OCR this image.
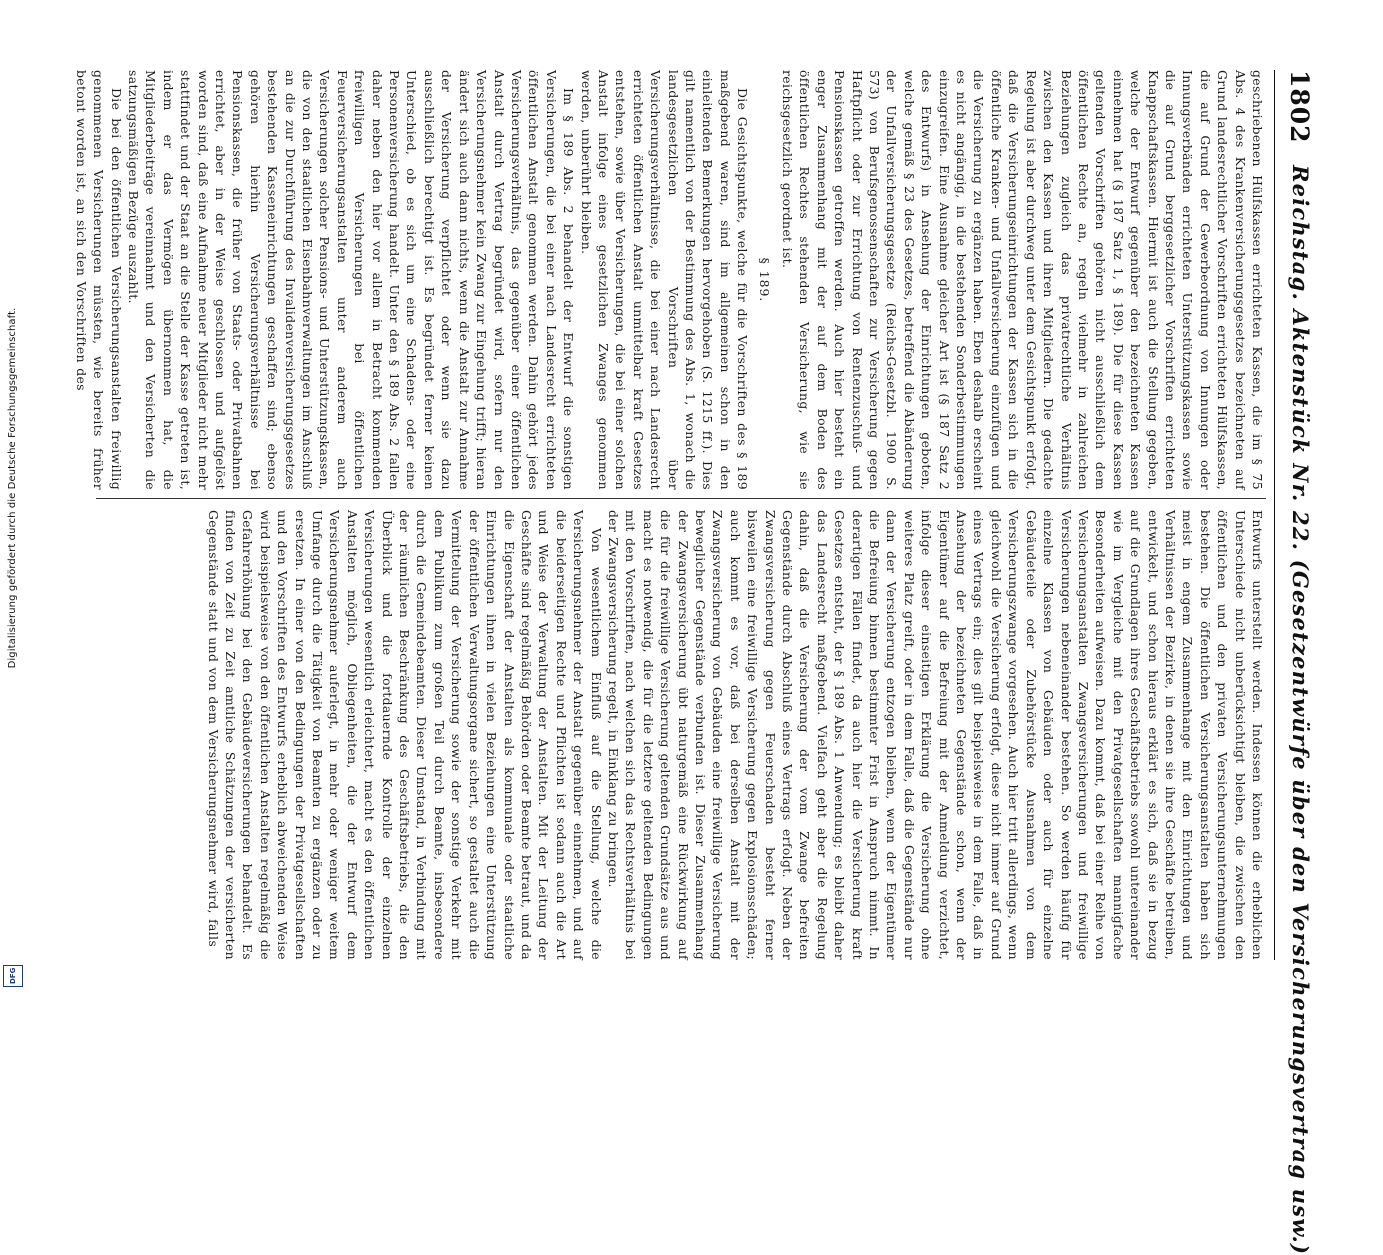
Digitalisierung gefördert durch die Deutsche Forschungsgemeinschaft.
DFG
1802
Reichstag. Aktenstück Nr. 22. (Gesetzentwürfe über den Versicherungsvertrag usw.)

geschriebenen Hülfskassen errichteten Kassen, die im § 75 Abs. 4 des Krankenversicherungsgesetzes bezeichneten auf Grund landesrechtlicher Vorschriften errichteten Hülfskassen, die auf Grund der Gewerbeordnung von Innungen oder Innungsverbänden errichteten Unterstützungskassen sowie die auf Grund berggesetzlicher Vorschriften errichteten Knappschaftskassen. Hiermit ist auch die Stellung gegeben, welche der Entwurf gegenüber den bezeichneten Kassen einnehmen hat (§ 187 Satz 1, § 189). Die für diese Kassen geltenden Vorschriften gehören nicht ausschließlich dem öffentlichen Rechte an, regeln vielmehr in zahlreichen Beziehungen zugleich das privatrechtliche Verhältnis zwischen den Kassen und ihren Mitgliedern. Die gedachte Regelung ist aber durchweg unter dem Gesichtspunkt erfolgt, daß die Versicherungseinrichtungen der Kassen sich in die öffentliche Kranken- und Unfallversicherung einzufügen und die Versicherung zu ergänzen haben. Eben deshalb erscheint es nicht angängig, in die bestehenden Sonderbestimmungen einzugreifen. Eine Ausnahme gleicher Art ist (§ 187 Satz 2 des Entwurfs) in Ansehung der Einrichtungen geboten, welche gemäß § 23 des Gesetzes, betreffend die Abänderung der Unfallversicherungsgesetze (Reichs-Gesetzbl. 1900 S. 573) von Berufsgenossenschaften zur Versicherung gegen Haftpflicht oder zur Errichtung von Rentenzuschuß- und Pensionskassen getroffen werden. Auch hier besteht ein enger Zusammenhang mit der auf dem Boden des öffentlichen Rechtes stehenden Versicherung, wie sie reichsgesetzlich geordnet ist.

§ 189.

Die Gesichtspunkte, welche für die Vorschriften des § 189 maßgebend waren, sind im allgemeinen schon in den einleitenden Bemerkungen hervorgehoben (S. 1215 ff.). Dies gilt namentlich von der Bestimmung des Abs. 1, wonach die landesgesetzlichen Vorschriften über Versicherungsverhältnisse, die bei einer nach Landesrecht errichteten öffentlichen Anstalt unmittelbar kraft Gesetzes entstehen, sowie über Versicherungen, die bei einer solchen Anstalt infolge eines gesetzlichen Zwanges genommen werden, unberührt bleiben.

Im § 189 Abs. 2 behandelt der Entwurf die sonstigen Versicherungen, die bei einer nach Landesrecht errichteten öffentlichen Anstalt genommen werden. Dahin gehört jedes Versicherungsverhältnis, das gegenüber einer öffentlichen Anstalt durch Vertrag begründet wird, sofern nur den Versicherungsnehmer kein Zwang zur Eingehung trifft; hieran ändert sich auch dann nichts, wenn die Anstalt zur Annahme der Versicherung verpflichtet oder wenn sie dazu ausschließlich berechtigt ist. Es begründet ferner keinen Unterschied, ob es sich um eine Schadens- oder eine Personenversicherung handelt. Unter den § 189 Abs. 2 fallen daher neben den hier vor allem in Betracht kommenden freiwilligen Versicherungen bei öffentlichen Feuerversicherungsanstalten unter anderem auch Versicherungen solcher Pensions- und Unterstützungskassen, die von den staatlichen Eisenbahnverwaltungen im Anschluß an die zur Durchführung des Invalidenversicherungsgesetzes bestehenden Kasseneinrichtungen geschaffen sind; ebenso gehören hierhin Versicherungsverhältnisse bei Pensionskassen, die früher von Staats- oder Privatbahnen errichtet, aber in der Weise geschlossen und aufgelöst worden sind, daß eine Aufnahme neuer Mitglieder nicht mehr stattfindet und der Staat an die Stelle der Kasse getreten ist, indem er das Vermögen übernommen hat, die Mitgliederbeiträge vereinnahmt und den Versicherten die satzungsmäßigen Bezüge auszahlt.

Die bei den öffentlichen Versicherungsanstalten freiwillig genommenen Versicherungen müssten, wie bereits früher betont worden ist, an sich den Vorschriften des

Entwurfs unterstellt werden. Indessen können die erheblichen Unterschiede nicht unberücksichtigt bleiben, die zwischen den öffentlichen und den privaten Versicherungsunternehmungen bestehen. Die öffentlichen Versicherungsanstalten haben sich meist in engem Zusammenhange mit den Einrichtungen und Verhältnissen der Bezirke, in denen sie ihre Geschäfte betreiben, entwickelt, und schon hieraus erklärt es sich, daß sie in bezug auf die Grundlagen ihres Geschäftsbetriebs sowohl untereinander wie im Vergleiche mit den Privatgesellschaften mannigfache Besonderheiten aufweisen. Dazu kommt, daß bei einer Reihe von Versicherungsanstalten Zwangsversicherungen und freiwillige Versicherungen nebeneinander bestehen. So werden häufig für einzelne Klassen von Gebäuden oder auch für einzelne Gebäudeteile oder Zubehörstücke Ausnahmen von dem Versicherungszwange vorgesehen. Auch hier tritt allerdings, wenn gleichwohl die Versicherung erfolgt, diese nicht immer auf Grund eines Vertrags ein; dies gilt beispielsweise in dem Falle, daß in Ansehung der bezeichneten Gegenstände schon, wenn der Eigentümer auf die Befreiung mit der Anmeldung verzichtet, infolge dieser einseitigen Erklärung die Versicherung ohne weiteres Platz greift, oder in dem Falle, daß die Gegenstände nur dann der Versicherung entzogen bleiben, wenn der Eigentümer die Befreiung binnen bestimmter Frist in Anspruch nimmt. In derartigen Fällen findet, da auch hier die Versicherung kraft Gesetzes entsteht, der § 189 Abs. 1 Anwendung; es bleibt daher das Landesrecht maßgebend. Vielfach geht aber die Regelung dahin, daß die Versicherung der vom Zwange befreiten Gegenstände durch Abschluß eines Vertrags erfolgt. Neben der Zwangsversicherung gegen Feuerschaden besteht ferner bisweilen eine freiwillige Versicherung gegen Explosionsschäden; auch kommt es vor, daß bei derselben Anstalt mit der Zwangsversicherung von Gebäuden eine freiwillige Versicherung beweglicher Gegenstände verbunden ist. Dieser Zusammenhang der Zwangsversicherung übt naturgemäß eine Rückwirkung auf die für die freiwillige Versicherung geltenden Grundsätze aus und macht es notwendig, die für die letztere geltenden Bedingungen mit den Vorschriften, nach welchen sich das Rechtsverhältnis bei der Zwangsversicherung regelt, in Einklang zu bringen.

Von wesentlichem Einfluß auf die Stellung, welche die Versicherungsnehmer der Anstalt gegenüber einnehmen, und auf die beiderseitigen Rechte und Pflichten ist sodann auch die Art und Weise der Verwaltung der Anstalten. Mit der Leitung der Geschäfte sind regelmäßig Behörden oder Beamte betraut, und da die Eigenschaft der Anstalten als kommunale oder staatliche Einrichtungen ihnen in vielen Beziehungen eine Unterstützung der öffentlichen Verwaltungsorgane sichert, so gestaltet auch die Vermittelung der Versicherung sowie der sonstige Verkehr mit dem Publikum zum großen Teil durch Beamte, insbesondere durch die Gemeindebeamten. Dieser Umstand, in Verbindung mit der räumlichen Beschränkung des Geschäftsbetriebs, die den Überblick und die fortdauernde Kontrolle der einzelnen Versicherungen wesentlich erleichtert, macht es den öffentlichen Anstalten möglich, Obliegenheiten, die der Entwurf dem Versicherungsnehmer auferlegt, in mehr oder weniger weitem Umfange durch die Tätigkeit von Beamten zu ergänzen oder zu ersetzen. In einer von den Bedingungen der Privatgesellschaften und den Vorschriften des Entwurfs erheblich abweichenden Weise wird beispielsweise von den öffentlichen Anstalten regelmäßig die Gefahrerhöhung bei den Gebäudeversicherungen behandelt. Es finden von Zeit zu Zeit amtliche Schätzungen der versicherten Gegenstände statt und von dem Versicherungsnehmer wird, falls
